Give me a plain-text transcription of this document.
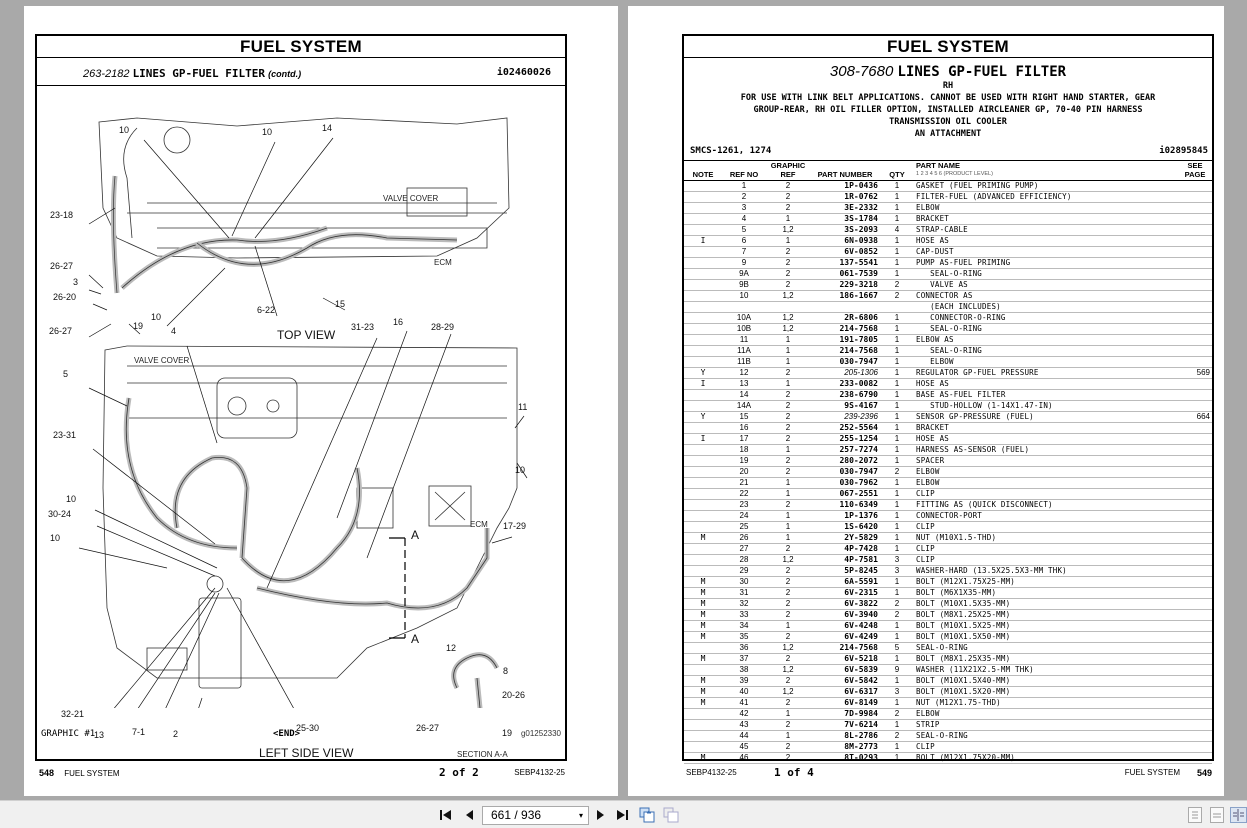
FUEL SYSTEM
263-2182 LINES GP-FUEL FILTER (contd.)	i02460026
VALVE COVER
ECM
VALVE COVER
ECM
TOP VIEW
LEFT SIDE VIEW	SECTION A-A
A
A
10	10	14
23-18
26-27
3
26-20
26-27	19
10
6-22
15
4	31-23 16	28-29
5
11
23-31
10
10
30-24
17-29
10
12
8
20-26
32-21
13	7-1	2
25-30	26-27	19
GRAPHIC #1	<END>	g01252330
548 FUEL SYSTEM	2 of 2	SEBP4132-25
FUEL SYSTEM
308-7680 LINES GP-FUEL FILTER
RH
FOR USE WITH LINK BELT APPLICATIONS. CANNOT BE USED WITH RIGHT HAND STARTER, GEAR
GROUP-REAR, RH OIL FILLER OPTION, INSTALLED AIRCLEANER GP, 70-40 PIN HARNESS
TRANSMISSION OIL COOLER
AN ATTACHMENT
SMCS-1261, 1274	i02895845
NOTE	REF NO	GRAPHIC REF	PART NUMBER	QTY	PART NAME
1 2 3 4 5 6 (PRODUCT LEVEL)	SEE PAGE
	1	2	1P-0436	1	GASKET (FUEL PRIMING PUMP)	
	2	2	1R-0762	1	FILTER-FUEL (ADVANCED EFFICIENCY)	
	3	2	3E-2332	1	ELBOW	
	4	1	3S-1784	1	BRACKET	
	5	1,2	3S-2093	4	STRAP-CABLE	
I	6	1	6N-0938	1	HOSE AS	
	7	2	6V-0852	1	CAP-DUST	
	9	2	137-5541	1	PUMP AS-FUEL PRIMING	
	9A	2	061-7539	1	SEAL-O-RING	
	9B	2	229-3218	2	VALVE AS	
	10	1,2	186-1667	2	CONNECTOR AS	
					(EACH INCLUDES)	
	10A	1,2	2R-6806	1	CONNECTOR-O-RING	
	10B	1,2	214-7568	1	SEAL-O-RING	
	11	1	191-7805	1	ELBOW AS	
	11A	1	214-7568	1	SEAL-O-RING	
	11B	1	030-7947	1	ELBOW	
Y	12	2	205-1306	1	REGULATOR GP-FUEL PRESSURE	569
I	13	1	233-0082	1	HOSE AS	
	14	2	238-6790	1	BASE AS-FUEL FILTER	
	14A	2	9S-4167	1	STUD-HOLLOW (1-14X1.47-IN)	
Y	15	2	239-2396	1	SENSOR GP-PRESSURE (FUEL)	664
	16	2	252-5564	1	BRACKET	
I	17	2	255-1254	1	HOSE AS	
	18	1	257-7274	1	HARNESS AS-SENSOR (FUEL)	
	19	2	280-2072	1	SPACER	
	20	2	030-7947	2	ELBOW	
	21	1	030-7962	1	ELBOW	
	22	1	067-2551	1	CLIP	
	23	2	110-6349	1	FITTING AS (QUICK DISCONNECT)	
	24	1	1P-1376	1	CONNECTOR-PORT	
	25	1	1S-6420	1	CLIP	
M	26	1	2Y-5829	1	NUT (M10X1.5-THD)	
	27	2	4P-7428	1	CLIP	
	28	1,2	4P-7581	3	CLIP	
	29	2	5P-8245	3	WASHER-HARD (13.5X25.5X3-MM THK)	
M	30	2	6A-5591	1	BOLT (M12X1.75X25-MM)	
M	31	2	6V-2315	1	BOLT (M6X1X35-MM)	
M	32	2	6V-3822	2	BOLT (M10X1.5X35-MM)	
M	33	2	6V-3940	2	BOLT (M8X1.25X25-MM)	
M	34	1	6V-4248	1	BOLT (M10X1.5X25-MM)	
M	35	2	6V-4249	1	BOLT (M10X1.5X50-MM)	
	36	1,2	214-7568	5	SEAL-O-RING	
M	37	2	6V-5218	1	BOLT (M8X1.25X35-MM)	
	38	1,2	6V-5839	9	WASHER (11X21X2.5-MM THK)	
M	39	2	6V-5842	1	BOLT (M10X1.5X40-MM)	
M	40	1,2	6V-6317	3	BOLT (M10X1.5X20-MM)	
M	41	2	6V-8149	1	NUT (M12X1.75-THD)	
	42	1	7D-9984	2	ELBOW	
	43	2	7V-6214	1	STRIP	
	44	1	8L-2786	2	SEAL-O-RING	
	45	2	8M-2773	1	CLIP	
M	46	2	8T-0293	1	BOLT (M12X1.75X20-MM)	
SEBP4132-25	1 of 4	FUEL SYSTEM 549
661 / 936	▾
